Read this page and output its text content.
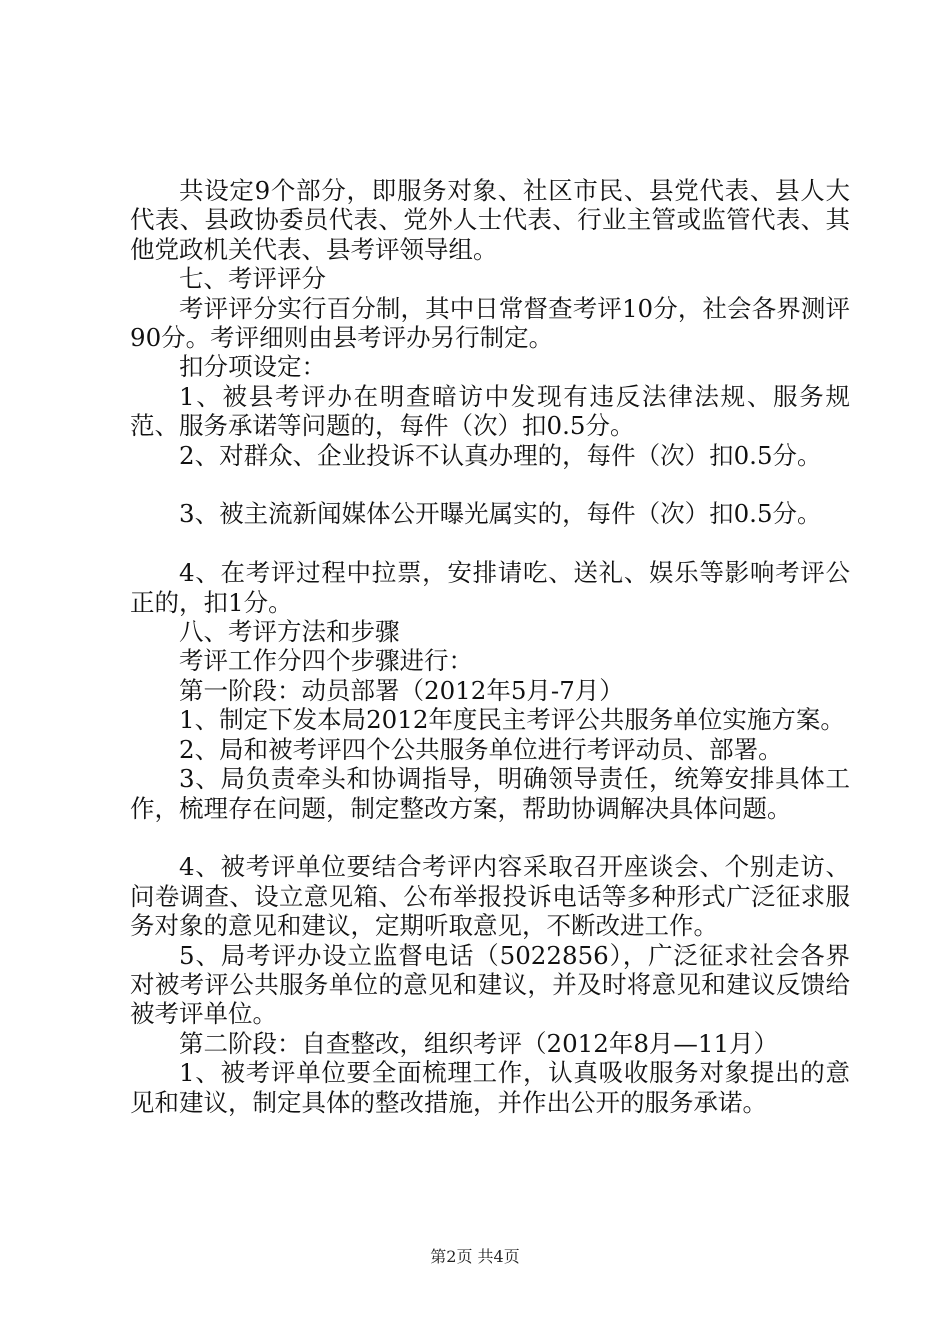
共设定9个部分，即服务对象、社区市民、县党代表、县人大代表、县政协委员代表、党外人士代表、行业主管或监管代表、其他党政机关代表、县考评领导组。

七、考评评分

考评评分实行百分制，其中日常督查考评10分，社会各界测评90分。考评细则由县考评办另行制定。

扣分项设定：

1、被县考评办在明查暗访中发现有违反法律法规、服务规范、服务承诺等问题的，每件（次）扣0.5分。

2、对群众、企业投诉不认真办理的，每件（次）扣0.5分。

3、被主流新闻媒体公开曝光属实的，每件（次）扣0.5分。

4、在考评过程中拉票，安排请吃、送礼、娱乐等影响考评公正的，扣1分。

八、考评方法和步骤

考评工作分四个步骤进行：

第一阶段：动员部署（2012年5月-7月）

1、制定下发本局2012年度民主考评公共服务单位实施方案。

2、局和被考评四个公共服务单位进行考评动员、部署。

3、局负责牵头和协调指导，明确领导责任，统筹安排具体工作，梳理存在问题，制定整改方案，帮助协调解决具体问题。

4、被考评单位要结合考评内容采取召开座谈会、个别走访、问卷调查、设立意见箱、公布举报投诉电话等多种形式广泛征求服务对象的意见和建议，定期听取意见，不断改进工作。

5、局考评办设立监督电话（5022856），广泛征求社会各界对被考评公共服务单位的意见和建议，并及时将意见和建议反馈给被考评单位。

第二阶段：自查整改，组织考评（2012年8月—11月）

1、被考评单位要全面梳理工作，认真吸收服务对象提出的意见和建议，制定具体的整改措施，并作出公开的服务承诺。

第2页 共4页
